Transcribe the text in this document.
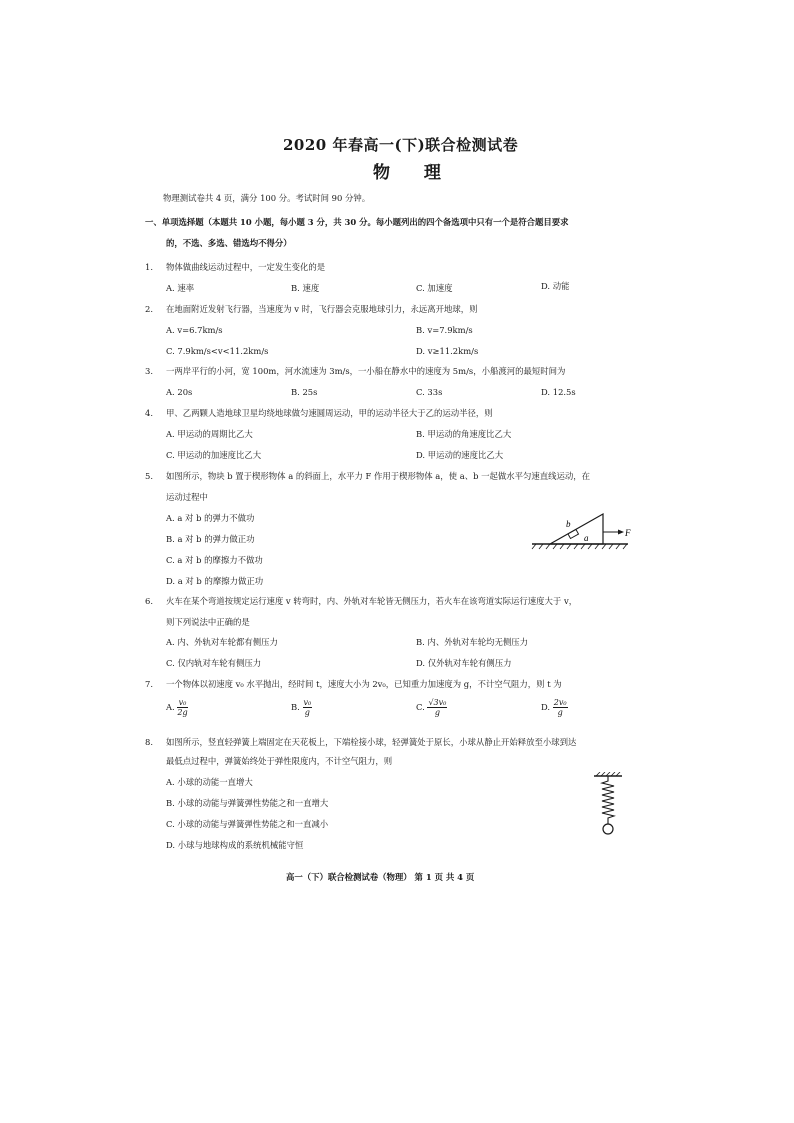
2020 年春高一(下)联合检测试卷
物 理
物理测试卷共 4 页，满分 100 分。考试时间 90 分钟。
一、单项选择题（本题共 10 小题，每小题 3 分，共 30 分。每小题列出的四个备选项中只有一个是符合题目要求
的，不选、多选、错选均不得分）
1. 物体做曲线运动过程中，一定发生变化的是
A. 速率	B. 速度	C. 加速度	D. 动能
2. 在地面附近发射飞行器，当速度为 v 时，飞行器会克服地球引力，永远离开地球，则
A. v=6.7km/s	B. v=7.9km/s
C. 7.9km/s<v<11.2km/s	D. v≥11.2km/s
3. 一两岸平行的小河，宽 100m，河水流速为 3m/s，一小船在静水中的速度为 5m/s，小船渡河的最短时间为
A. 20s	B. 25s	C. 33s	D. 12.5s
4. 甲、乙两颗人造地球卫星均绕地球做匀速圆周运动，甲的运动半径大于乙的运动半径，则
A. 甲运动的周期比乙大	B. 甲运动的角速度比乙大
C. 甲运动的加速度比乙大	D. 甲运动的速度比乙大
5. 如图所示，物块 b 置于楔形物体 a 的斜面上，水平力 F 作用于楔形物体 a，使 a、b 一起做水平匀速直线运动，在
运动过程中
A. a 对 b 的弹力不做功
B. a 对 b 的弹力做正功
C. a 对 b 的摩擦力不做功
D. a 对 b 的摩擦力做正功
b
a	F
6. 火车在某个弯道按规定运行速度 v 转弯时，内、外轨对车轮皆无侧压力，若火车在该弯道实际运行速度大于 v，
则下列说法中正确的是
A. 内、外轨对车轮都有侧压力	B. 内、外轨对车轮均无侧压力
C. 仅内轨对车轮有侧压力	D. 仅外轨对车轮有侧压力
7. 一个物体以初速度 v₀ 水平抛出，经时间 t，速度大小为 2v₀，已知重力加速度为 g，不计空气阻力，则 t 为
A. $\frac{\text{v₀}}{2g}$	B. $\frac{\text{v₀}}{g}$	C. $\frac{\text{√3v₀}}{g}$	D. $\frac{\text{2v₀}}{g}$
8. 如图所示，竖直轻弹簧上端固定在天花板上，下端栓接小球，轻弹簧处于原长，小球从静止开始释放至小球到达
最低点过程中，弹簧始终处于弹性限度内，不计空气阻力，则
A. 小球的动能一直增大
B. 小球的动能与弹簧弹性势能之和一直增大
C. 小球的动能与弹簧弹性势能之和一直减小
D. 小球与地球构成的系统机械能守恒
高一（下）联合检测试卷（物理） 第 1 页 共 4 页
